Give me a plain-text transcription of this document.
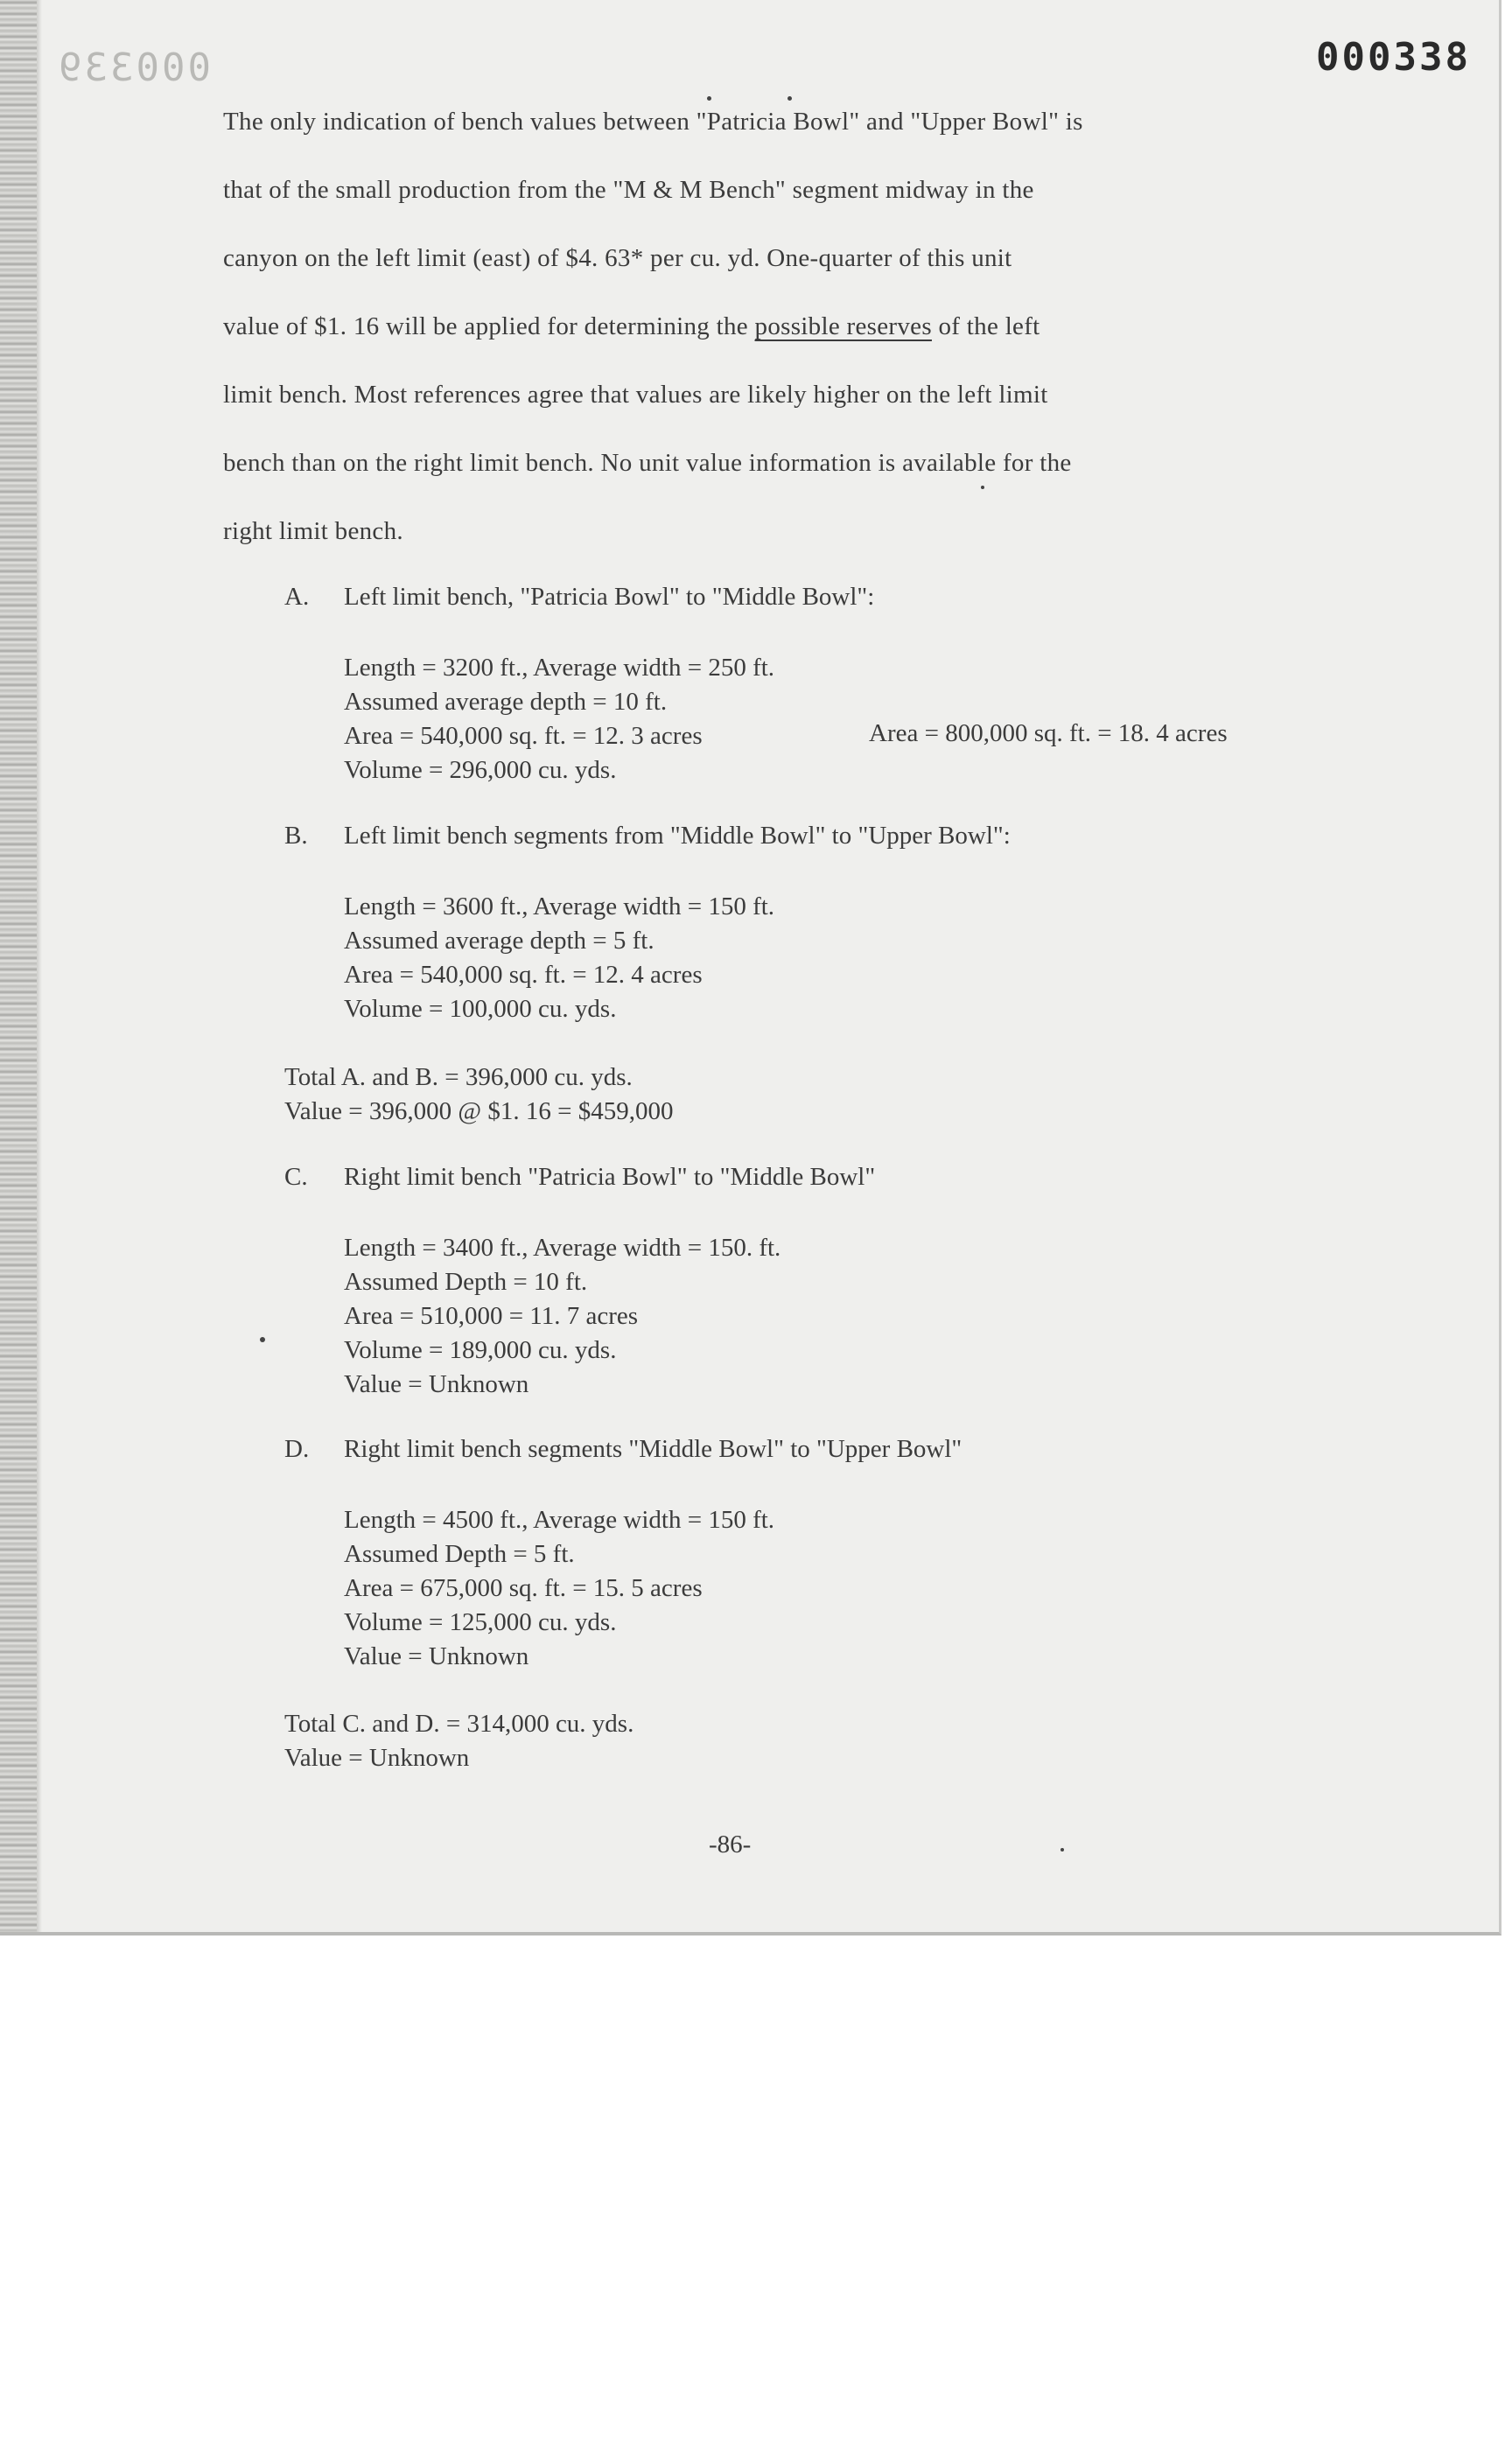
000339	000338

The only indication of bench values between "Patricia Bowl" and "Upper Bowl" is

that of the small production from the "M & M Bench" segment midway in the

canyon on the left limit (east) of $4. 63* per cu. yd. One-quarter of this unit

value of $1. 16 will be applied for determining the possible reserves of the left

limit bench. Most references agree that values are likely higher on the left limit

bench than on the right limit bench. No unit value information is available for the

right limit bench.

A. Left limit bench, "Patricia Bowl" to "Middle Bowl":
Length = 3200 ft., Average width = 250 ft.
Assumed average depth = 10 ft.
Area = 540,000 sq. ft. = 12. 3 acres
Volume = 296,000 cu. yds.
Area = 800,000 sq. ft. = 18. 4 acres
B. Left limit bench segments from "Middle Bowl" to "Upper Bowl":
Length = 3600 ft., Average width = 150 ft.
Assumed average depth = 5 ft.
Area = 540,000 sq. ft. = 12. 4 acres
Volume = 100,000 cu. yds.
Total A. and B. = 396,000 cu. yds.
Value = 396,000 @ $1. 16 = $459,000
C. Right limit bench "Patricia Bowl" to "Middle Bowl"
Length = 3400 ft., Average width = 150. ft.
Assumed Depth = 10 ft.
Area = 510,000 = 11. 7 acres
Volume = 189,000 cu. yds.
Value = Unknown
D. Right limit bench segments "Middle Bowl" to "Upper Bowl"
Length = 4500 ft., Average width = 150 ft.
Assumed Depth = 5 ft.
Area = 675,000 sq. ft. = 15. 5 acres
Volume = 125,000 cu. yds.
Value = Unknown
Total C. and D. = 314,000 cu. yds.
Value = Unknown
-86-
